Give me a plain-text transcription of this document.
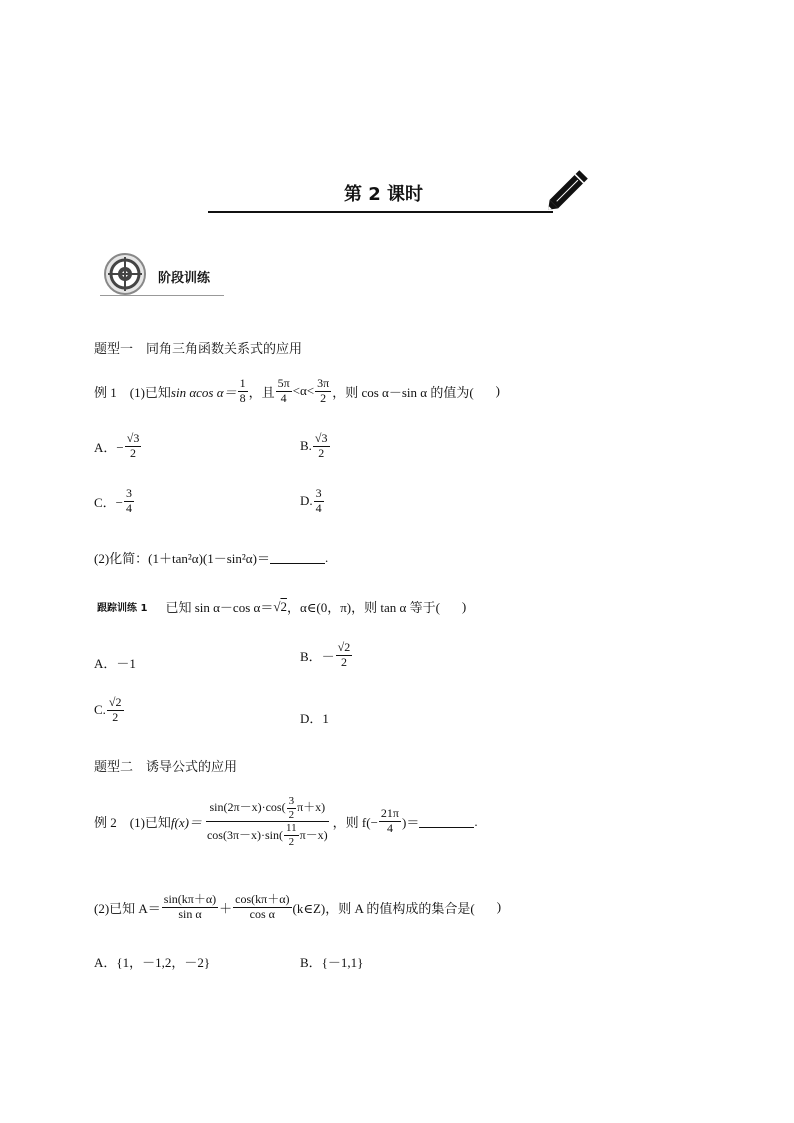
第 2 课时
阶段训练
题型一　同角三角函数关系式的应用
例 1　(1)已知 sin αcos $\alpha= \frac{1}{8}$ ，且 $\frac{5\pi}{4} <\alpha< \frac{3\pi}{2}$ ，则 cos α－sin α 的值为( )
A．− $\frac{√3}{2}$	B. $\frac{√3}{2}$
C．− $\frac{3}{4}$	D. $\frac{3}{4}$
(2)化简：(1＋tan²α)(1－sin²α)＝	.
跟踪训练 1 已知 sin α－cos α＝ √ 2 ，α∈(0，π)，则 tan α 等于( )
A．－1	B．－ $\frac{√2}{2}$
C. $\frac{√2}{2}$	D．1
题型二　诱导公式的应用
例 2　(1)已知 $f(x)= \frac{\sin(2\pi-x)\cdot\cos( \frac{3}{2} \pi+x)}{\cos(3\pi-x)\cdot\sin( \frac{11}{2} \pi-x)}$ ，则 $f(- \frac{21\pi}{4}$ )＝	.
(2)已知 $A= \frac{\sin(k\pi+\alpha)}{\text{sin α}} + \frac{\cos(k\pi+\alpha)}{\text{cos α}}$ (k∈Z)，则 A 的值构成的集合是( )
A．{1，－1,2，－2}	B．{－1,1}
